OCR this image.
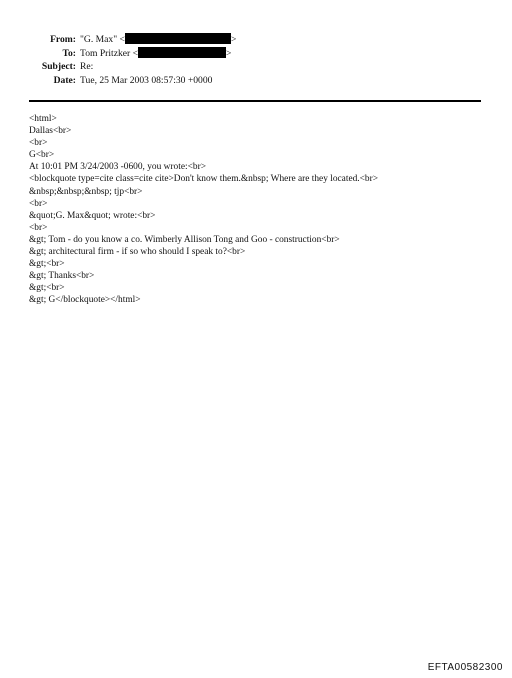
From: "G. Max" <	>
To: Tom Pritzker <	>
Subject: Re:
Date: Tue, 25 Mar 2003 08:57:30 +0000
<html>
Dallas<br>
<br>
G<br>
At 10:01 PM 3/24/2003 -0600, you wrote:<br>
<blockquote type=cite class=cite cite>Don't know them.&nbsp; Where are they located.<br>
&nbsp;&nbsp;&nbsp; tjp<br>
<br>
&quot;G. Max&quot; wrote:<br>
<br>
&gt; Tom - do you know a co. Wimberly Allison Tong and Goo - construction<br>
&gt; architectural firm - if so who should I speak to?<br>
&gt;<br>
&gt; Thanks<br>
&gt;<br>
&gt; G</blockquote></html>
EFTA00582300
